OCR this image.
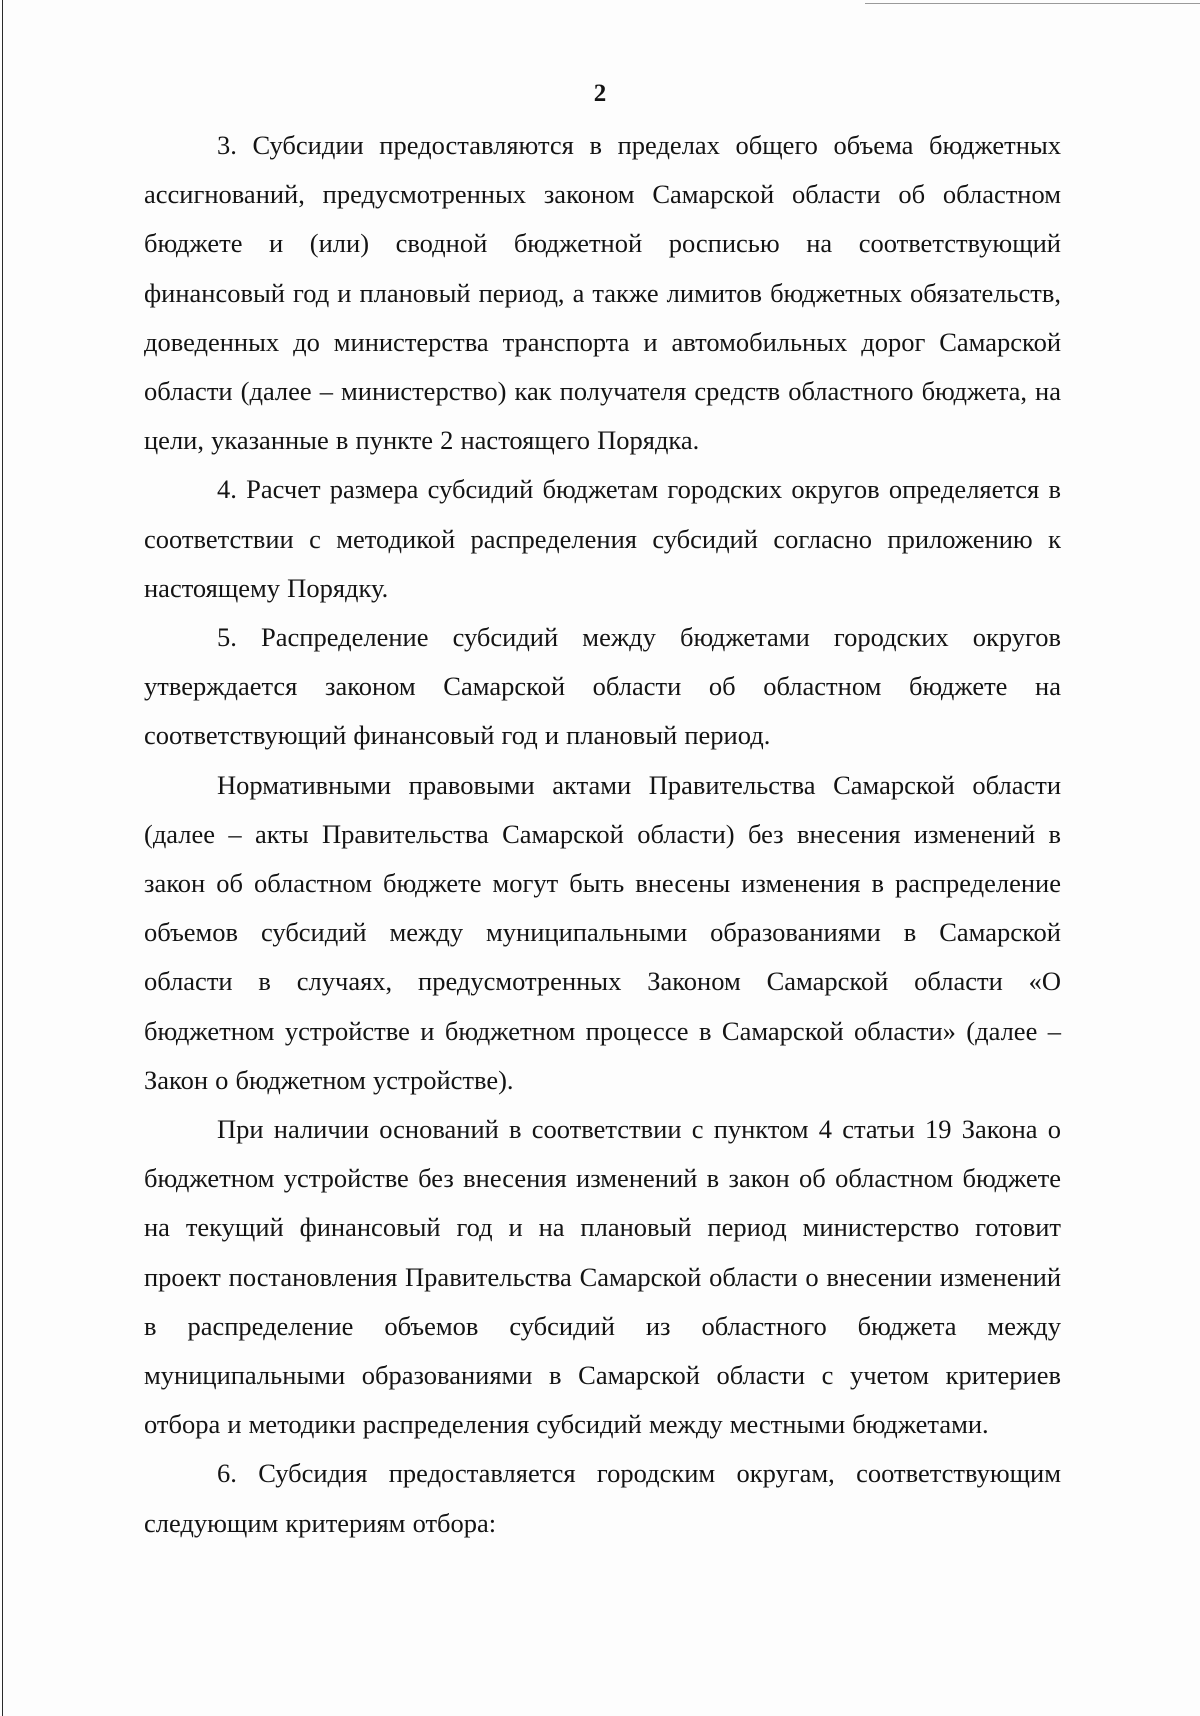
2

3. Субсидии предоставляются в пределах общего объема бюджетных ассигнований, предусмотренных законом Самарской области об областном бюджете и (или) сводной бюджетной росписью на соответствующий финансовый год и плановый период, а также лимитов бюджетных обязательств, доведенных до министерства транспорта и автомобильных дорог Самарской области (далее – министерство) как получателя средств областного бюджета, на цели, указанные в пункте 2 настоящего Порядка.

4. Расчет размера субсидий бюджетам городских округов определяется в соответствии с методикой распределения субсидий согласно приложению к настоящему Порядку.

5. Распределение субсидий между бюджетами городских округов утверждается законом Самарской области об областном бюджете на соответствующий финансовый год и плановый период.

Нормативными правовыми актами Правительства Самарской области (далее – акты Правительства Самарской области) без внесения изменений в закон об областном бюджете могут быть внесены изменения в распределение объемов субсидий между муниципальными образованиями в Самарской области в случаях, предусмотренных Законом Самарской области «О бюджетном устройстве и бюджетном процессе в Самарской области» (далее – Закон о бюджетном устройстве).

При наличии оснований в соответствии с пунктом 4 статьи 19 Закона о бюджетном устройстве без внесения изменений в закон об областном бюджете на текущий финансовый год и на плановый период министерство готовит проект постановления Правительства Самарской области о внесении изменений в распределение объемов субсидий из областного бюджета между муниципальными образованиями в Самарской области с учетом критериев отбора и методики распределения субсидий между местными бюджетами.

6. Субсидия предоставляется городским округам, соответствующим следующим критериям отбора:
